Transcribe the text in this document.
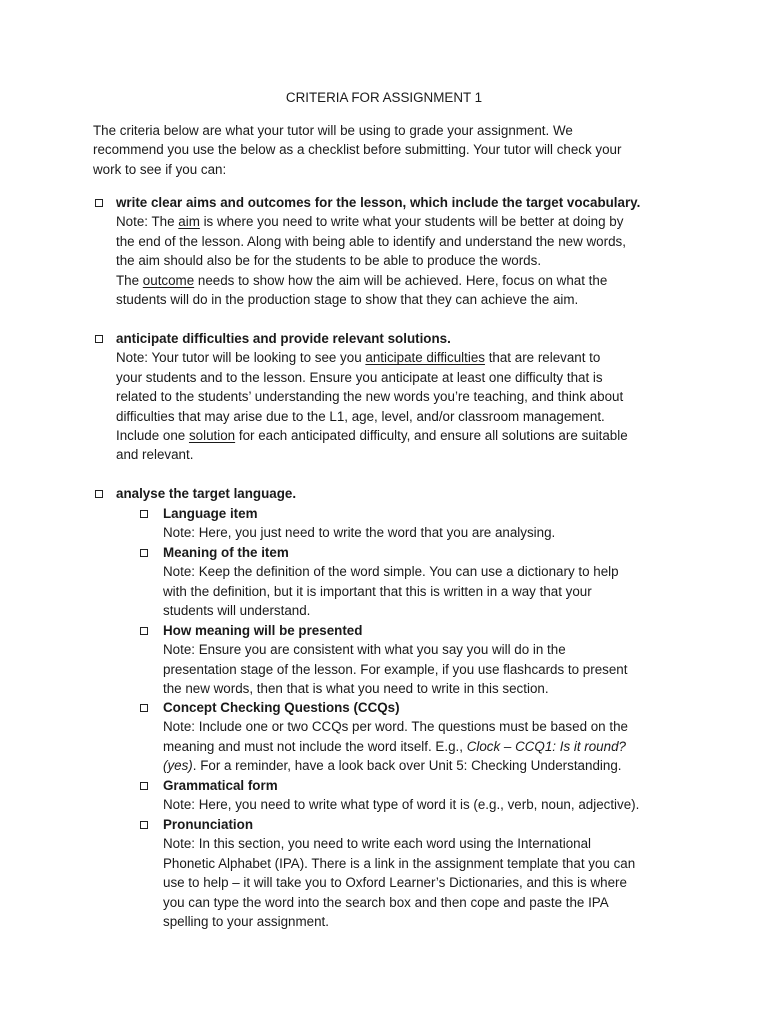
CRITERIA FOR ASSIGNMENT 1

The criteria below are what your tutor will be using to grade your assignment. We
recommend you use the below as a checklist before submitting. Your tutor will check your
work to see if you can:

write clear aims and outcomes for the lesson, which include the target vocabulary.
Note: The aim is where you need to write what your students will be better at doing by
the end of the lesson. Along with being able to identify and understand the new words,
the aim should also be for the students to be able to produce the words.
The outcome needs to show how the aim will be achieved. Here, focus on what the
students will do in the production stage to show that they can achieve the aim.
anticipate difficulties and provide relevant solutions.
Note: Your tutor will be looking to see you anticipate difficulties that are relevant to
your students and to the lesson. Ensure you anticipate at least one difficulty that is
related to the students’ understanding the new words you’re teaching, and think about
difficulties that may arise due to the L1, age, level, and/or classroom management.
Include one solution for each anticipated difficulty, and ensure all solutions are suitable
and relevant.
analyse the target language.
Language item
Note: Here, you just need to write the word that you are analysing.
Meaning of the item
Note: Keep the definition of the word simple. You can use a dictionary to help
with the definition, but it is important that this is written in a way that your
students will understand.
How meaning will be presented
Note: Ensure you are consistent with what you say you will do in the
presentation stage of the lesson. For example, if you use flashcards to present
the new words, then that is what you need to write in this section.
Concept Checking Questions (CCQs)
Note: Include one or two CCQs per word. The questions must be based on the
meaning and must not include the word itself. E.g., Clock – CCQ1: Is it round?
(yes). For a reminder, have a look back over Unit 5: Checking Understanding.
Grammatical form
Note: Here, you need to write what type of word it is (e.g., verb, noun, adjective).
Pronunciation
Note: In this section, you need to write each word using the International
Phonetic Alphabet (IPA). There is a link in the assignment template that you can
use to help – it will take you to Oxford Learner’s Dictionaries, and this is where
you can type the word into the search box and then cope and paste the IPA
spelling to your assignment.
